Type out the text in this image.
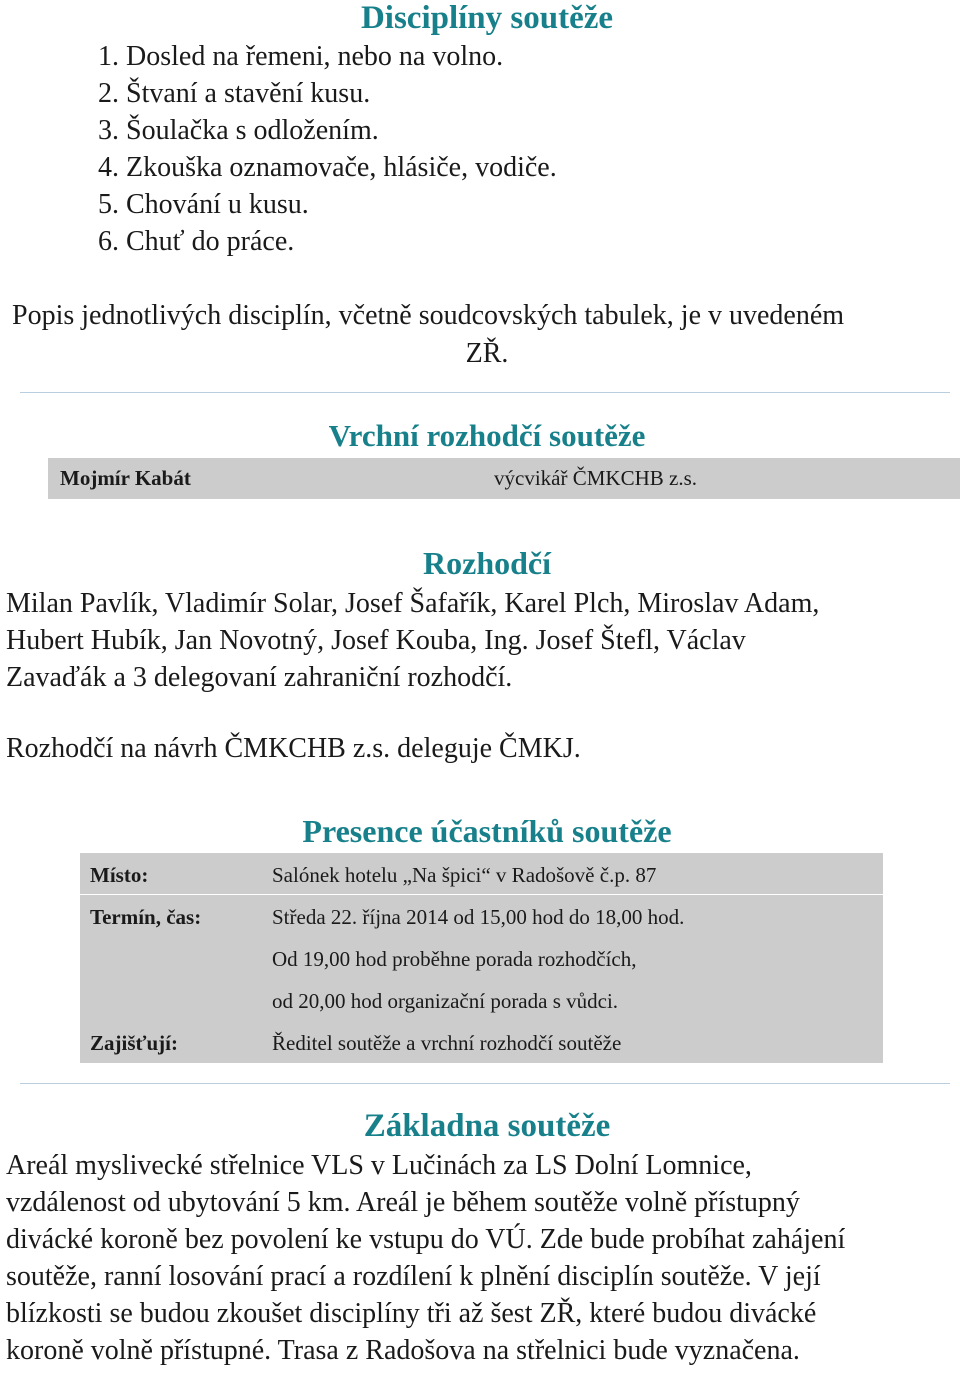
Disciplíny soutěže
1. Dosled na řemeni, nebo na volno.
2. Štvaní a stavění kusu.
3. Šoulačka s odložením.
4. Zkouška oznamovače, hlásiče, vodiče.
5. Chování u kusu.
6. Chuť do práce.
Popis jednotlivých disciplín, včetně soudcovských tabulek, je v uvedeném
ZŘ.
Vrchní rozhodčí soutěže
Mojmír Kabát	výcvikář ČMKCHB z.s.
Rozhodčí
Milan Pavlík, Vladimír Solar, Josef Šafařík, Karel Plch, Miroslav Adam,
Hubert Hubík, Jan Novotný, Josef Kouba, Ing. Josef Štefl, Václav
Zavaďák a 3 delegovaní zahraniční rozhodčí.
Rozhodčí na návrh ČMKCHB z.s. deleguje ČMKJ.
Presence účastníků soutěže
Místo:	Salónek hotelu „Na špici“ v Radošově č.p. 87
Termín, čas:	Středa 22. října 2014 od 15,00 hod do 18,00 hod.
Od 19,00 hod proběhne porada rozhodčích,
od 20,00 hod organizační porada s vůdci.
Zajišťují:	Ředitel soutěže a vrchní rozhodčí soutěže
Základna soutěže
Areál myslivecké střelnice VLS v Lučinách za LS Dolní Lomnice,
vzdálenost od ubytování 5 km. Areál je během soutěže volně přístupný
divácké koroně bez povolení ke vstupu do VÚ. Zde bude probíhat zahájení
soutěže, ranní losování prací a rozdílení k plnění disciplín soutěže. V její
blízkosti se budou zkoušet disciplíny tři až šest ZŘ, které budou divácké
koroně volně přístupné. Trasa z Radošova na střelnici bude vyznačena.
